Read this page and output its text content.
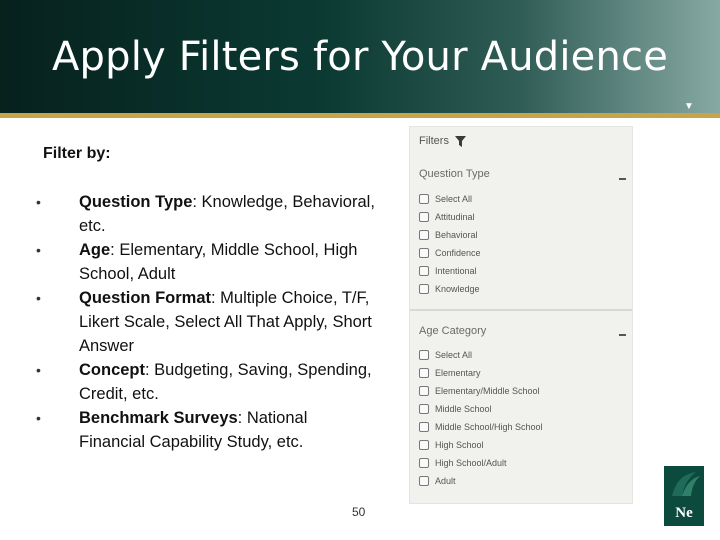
▼
Apply Filters for Your Audience
Filter by:
• Question Type: Knowledge, Behavioral, etc.
• Age: Elementary, Middle School, High School, Adult
• Question Format: Multiple Choice, T/F, Likert Scale, Select All That Apply, Short Answer
• Concept: Budgeting, Saving, Spending, Credit, etc.
• Benchmark Surveys: National Financial Capability Study, etc.
50
Filters
Question Type
Select All
Attitudinal
Behavioral
Confidence
Intentional
Knowledge
Age Category
Select All
Elementary
Elementary/Middle School
Middle School
Middle School/High School
High School
High School/Adult
Adult
Ne
